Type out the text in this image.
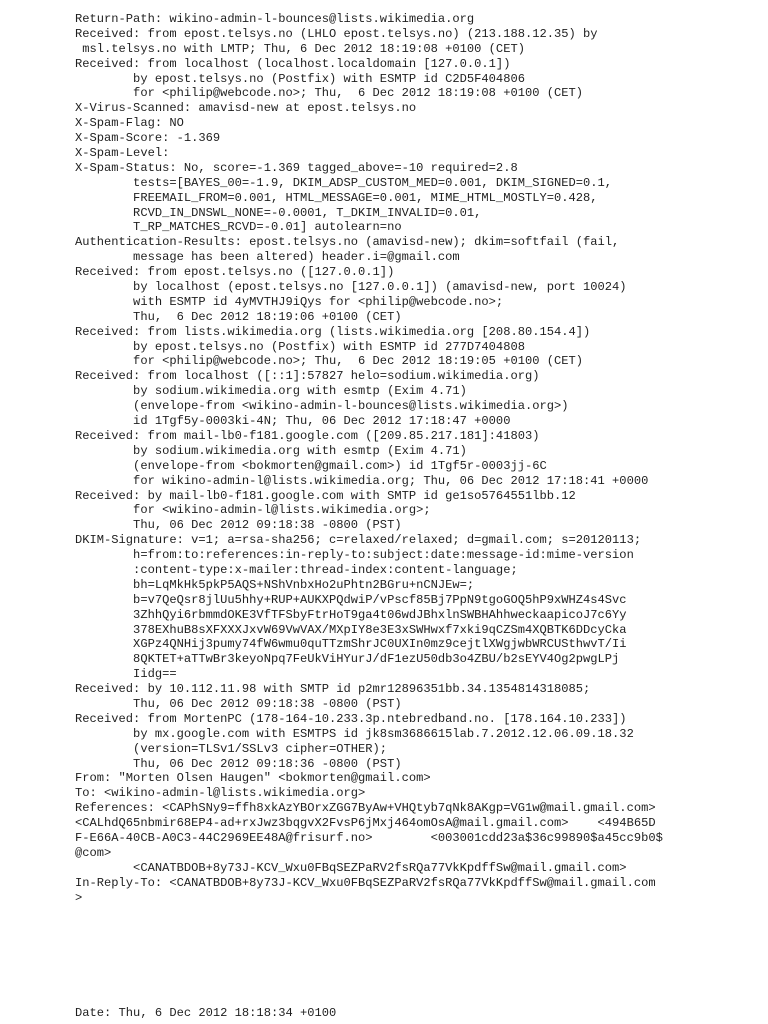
Return-Path: wikino-admin-l-bounces@lists.wikimedia.org
Received: from epost.telsys.no (LHLO epost.telsys.no) (213.188.12.35) by
msl.telsys.no with LMTP; Thu, 6 Dec 2012 18:19:08 +0100 (CET)
Received: from localhost (localhost.localdomain [127.0.0.1])
by epost.telsys.no (Postfix) with ESMTP id C2D5F404806
for <philip@webcode.no>; Thu,  6 Dec 2012 18:19:08 +0100 (CET)
X-Virus-Scanned: amavisd-new at epost.telsys.no
X-Spam-Flag: NO
X-Spam-Score: -1.369
X-Spam-Level:
X-Spam-Status: No, score=-1.369 tagged_above=-10 required=2.8
tests=[BAYES_00=-1.9, DKIM_ADSP_CUSTOM_MED=0.001, DKIM_SIGNED=0.1,
FREEMAIL_FROM=0.001, HTML_MESSAGE=0.001, MIME_HTML_MOSTLY=0.428,
RCVD_IN_DNSWL_NONE=-0.0001, T_DKIM_INVALID=0.01,
T_RP_MATCHES_RCVD=-0.01] autolearn=no
Authentication-Results: epost.telsys.no (amavisd-new); dkim=softfail (fail,
message has been altered) header.i=@gmail.com
Received: from epost.telsys.no ([127.0.0.1])
by localhost (epost.telsys.no [127.0.0.1]) (amavisd-new, port 10024)
with ESMTP id 4yMVTHJ9iQys for <philip@webcode.no>;
Thu,  6 Dec 2012 18:19:06 +0100 (CET)
Received: from lists.wikimedia.org (lists.wikimedia.org [208.80.154.4])
by epost.telsys.no (Postfix) with ESMTP id 277D7404808
for <philip@webcode.no>; Thu,  6 Dec 2012 18:19:05 +0100 (CET)
Received: from localhost ([::1]:57827 helo=sodium.wikimedia.org)
by sodium.wikimedia.org with esmtp (Exim 4.71)
(envelope-from <wikino-admin-l-bounces@lists.wikimedia.org>)
id 1Tgf5y-0003ki-4N; Thu, 06 Dec 2012 17:18:47 +0000
Received: from mail-lb0-f181.google.com ([209.85.217.181]:41803)
by sodium.wikimedia.org with esmtp (Exim 4.71)
(envelope-from <bokmorten@gmail.com>) id 1Tgf5r-0003jj-6C
for wikino-admin-l@lists.wikimedia.org; Thu, 06 Dec 2012 17:18:41 +0000
Received: by mail-lb0-f181.google.com with SMTP id ge1so5764551lbb.12
for <wikino-admin-l@lists.wikimedia.org>;
Thu, 06 Dec 2012 09:18:38 -0800 (PST)
DKIM-Signature: v=1; a=rsa-sha256; c=relaxed/relaxed; d=gmail.com; s=20120113;
h=from:to:references:in-reply-to:subject:date:message-id:mime-version
:content-type:x-mailer:thread-index:content-language;
bh=LqMkHk5pkP5AQS+NShVnbxHo2uPhtn2BGru+nCNJEw=;
b=v7QeQsr8jlUu5hhy+RUP+AUKXPQdwiP/vPscf85Bj7PpN9tgoGOQ5hP9xWHZ4s4Svc
3ZhhQyi6rbmmdOKE3VfTFSbyFtrHoT9ga4t06wdJBhxlnSWBHAhhweckaapicoJ7c6Yy
378EXhuB8sXFXXXJxvW69VwVAX/MXpIY8e3E3xSWHwxf7xki9qCZSm4XQBTK6DDcyCka
XGPz4QNHij3pumy74fW6wmu0quTTzmShrJC0UXIn0mz9cejtlXWgjwbWRCUSthwvT/Ii
8QKTET+aTTwBr3keyoNpq7FeUkViHYurJ/dF1ezU50db3o4ZBU/b2sEYV4Og2pwgLPj
Iidg==
Received: by 10.112.11.98 with SMTP id p2mr12896351bb.34.1354814318085;
Thu, 06 Dec 2012 09:18:38 -0800 (PST)
Received: from MortenPC (178-164-10.233.3p.ntebredband.no. [178.164.10.233])
by mx.google.com with ESMTPS id jk8sm3686615lab.7.2012.12.06.09.18.32
(version=TLSv1/SSLv3 cipher=OTHER);
Thu, 06 Dec 2012 09:18:36 -0800 (PST)
From: "Morten Olsen Haugen" <bokmorten@gmail.com>
To: <wikino-admin-l@lists.wikimedia.org>
References: <CAPhSNy9=ffh8xkAzYBOrxZGG7ByAw+VHQtyb7qNk8AKgp=VG1w@mail.gmail.com>
<CALhdQ65nbmir68EP4-ad+rxJwz3bqgvX2FvsP6jMxj464omOsA@mail.gmail.com>    <494B65D
F-E66A-40CB-A0C3-44C2969EE48A@frisurf.no>        <003001cdd23a$36c99890$a45cc9b0$
@com>
<CANATBDOB+8y73J-KCV_Wxu0FBqSEZPaRV2fsRQa77VkKpdffSw@mail.gmail.com>
In-Reply-To: <CANATBDOB+8y73J-KCV_Wxu0FBqSEZPaRV2fsRQa77VkKpdffSw@mail.gmail.com
>
Date: Thu, 6 Dec 2012 18:18:34 +0100
